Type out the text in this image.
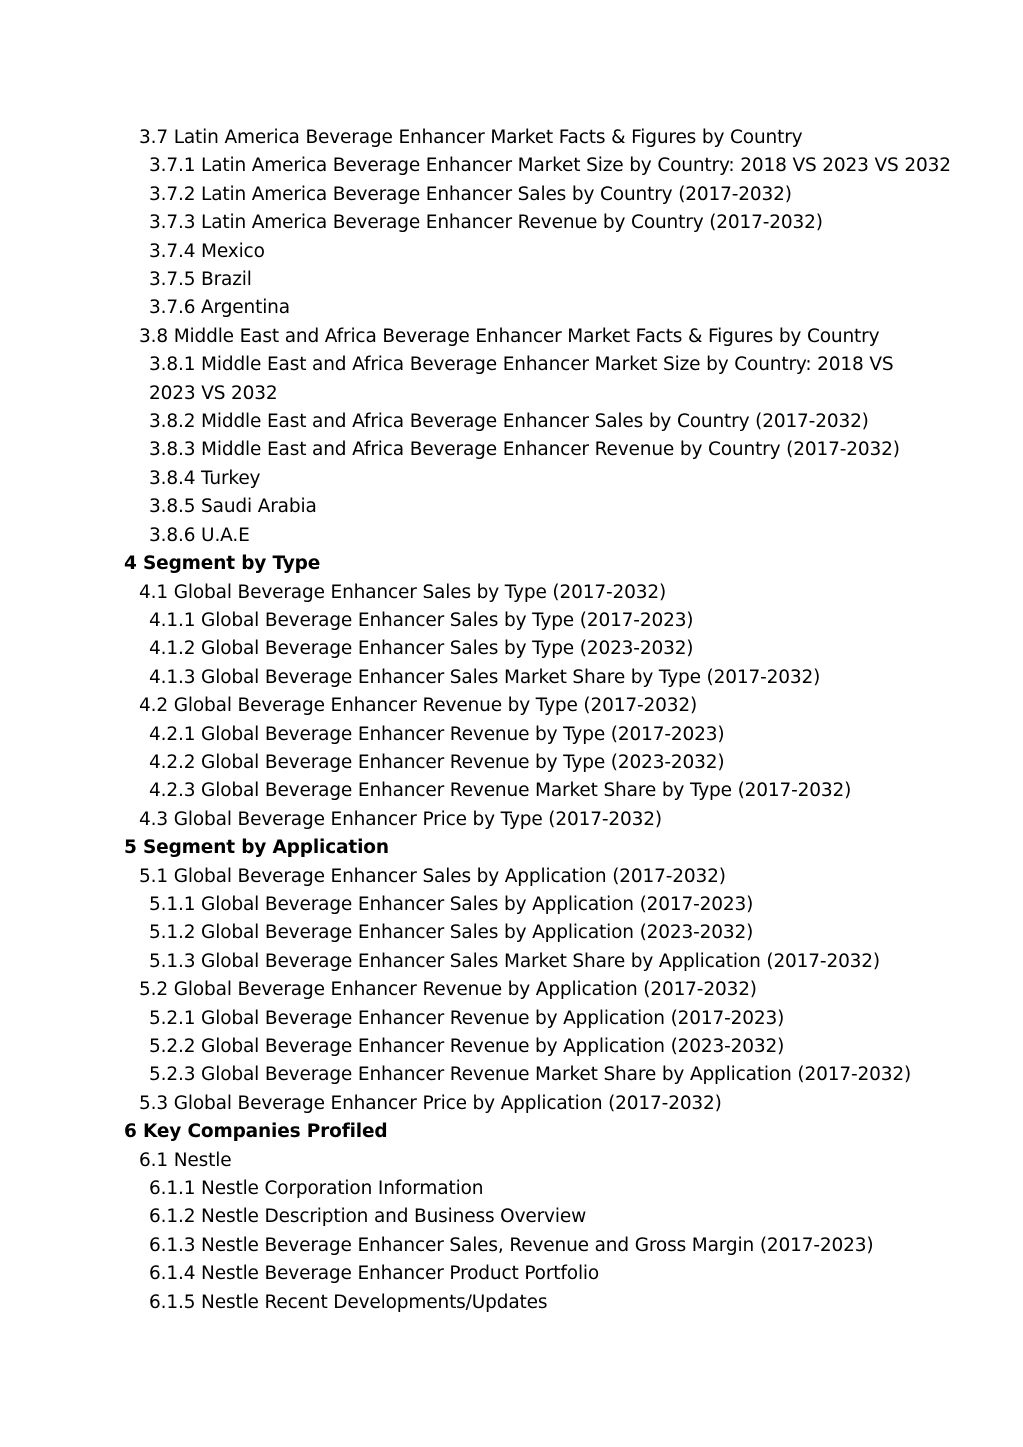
3.7 Latin America Beverage Enhancer Market Facts & Figures by Country
3.7.1 Latin America Beverage Enhancer Market Size by Country: 2018 VS 2023 VS 2032
3.7.2 Latin America Beverage Enhancer Sales by Country (2017-2032)
3.7.3 Latin America Beverage Enhancer Revenue by Country (2017-2032)
3.7.4 Mexico
3.7.5 Brazil
3.7.6 Argentina
3.8 Middle East and Africa Beverage Enhancer Market Facts & Figures by Country
3.8.1 Middle East and Africa Beverage Enhancer Market Size by Country: 2018 VS 2023 VS 2032
3.8.2 Middle East and Africa Beverage Enhancer Sales by Country (2017-2032)
3.8.3 Middle East and Africa Beverage Enhancer Revenue by Country (2017-2032)
3.8.4 Turkey
3.8.5 Saudi Arabia
3.8.6 U.A.E
4 Segment by Type
4.1 Global Beverage Enhancer Sales by Type (2017-2032)
4.1.1 Global Beverage Enhancer Sales by Type (2017-2023)
4.1.2 Global Beverage Enhancer Sales by Type (2023-2032)
4.1.3 Global Beverage Enhancer Sales Market Share by Type (2017-2032)
4.2 Global Beverage Enhancer Revenue by Type (2017-2032)
4.2.1 Global Beverage Enhancer Revenue by Type (2017-2023)
4.2.2 Global Beverage Enhancer Revenue by Type (2023-2032)
4.2.3 Global Beverage Enhancer Revenue Market Share by Type (2017-2032)
4.3 Global Beverage Enhancer Price by Type (2017-2032)
5 Segment by Application
5.1 Global Beverage Enhancer Sales by Application (2017-2032)
5.1.1 Global Beverage Enhancer Sales by Application (2017-2023)
5.1.2 Global Beverage Enhancer Sales by Application (2023-2032)
5.1.3 Global Beverage Enhancer Sales Market Share by Application (2017-2032)
5.2 Global Beverage Enhancer Revenue by Application (2017-2032)
5.2.1 Global Beverage Enhancer Revenue by Application (2017-2023)
5.2.2 Global Beverage Enhancer Revenue by Application (2023-2032)
5.2.3 Global Beverage Enhancer Revenue Market Share by Application (2017-2032)
5.3 Global Beverage Enhancer Price by Application (2017-2032)
6 Key Companies Profiled
6.1 Nestle
6.1.1 Nestle Corporation Information
6.1.2 Nestle Description and Business Overview
6.1.3 Nestle Beverage Enhancer Sales, Revenue and Gross Margin (2017-2023)
6.1.4 Nestle Beverage Enhancer Product Portfolio
6.1.5 Nestle Recent Developments/Updates
